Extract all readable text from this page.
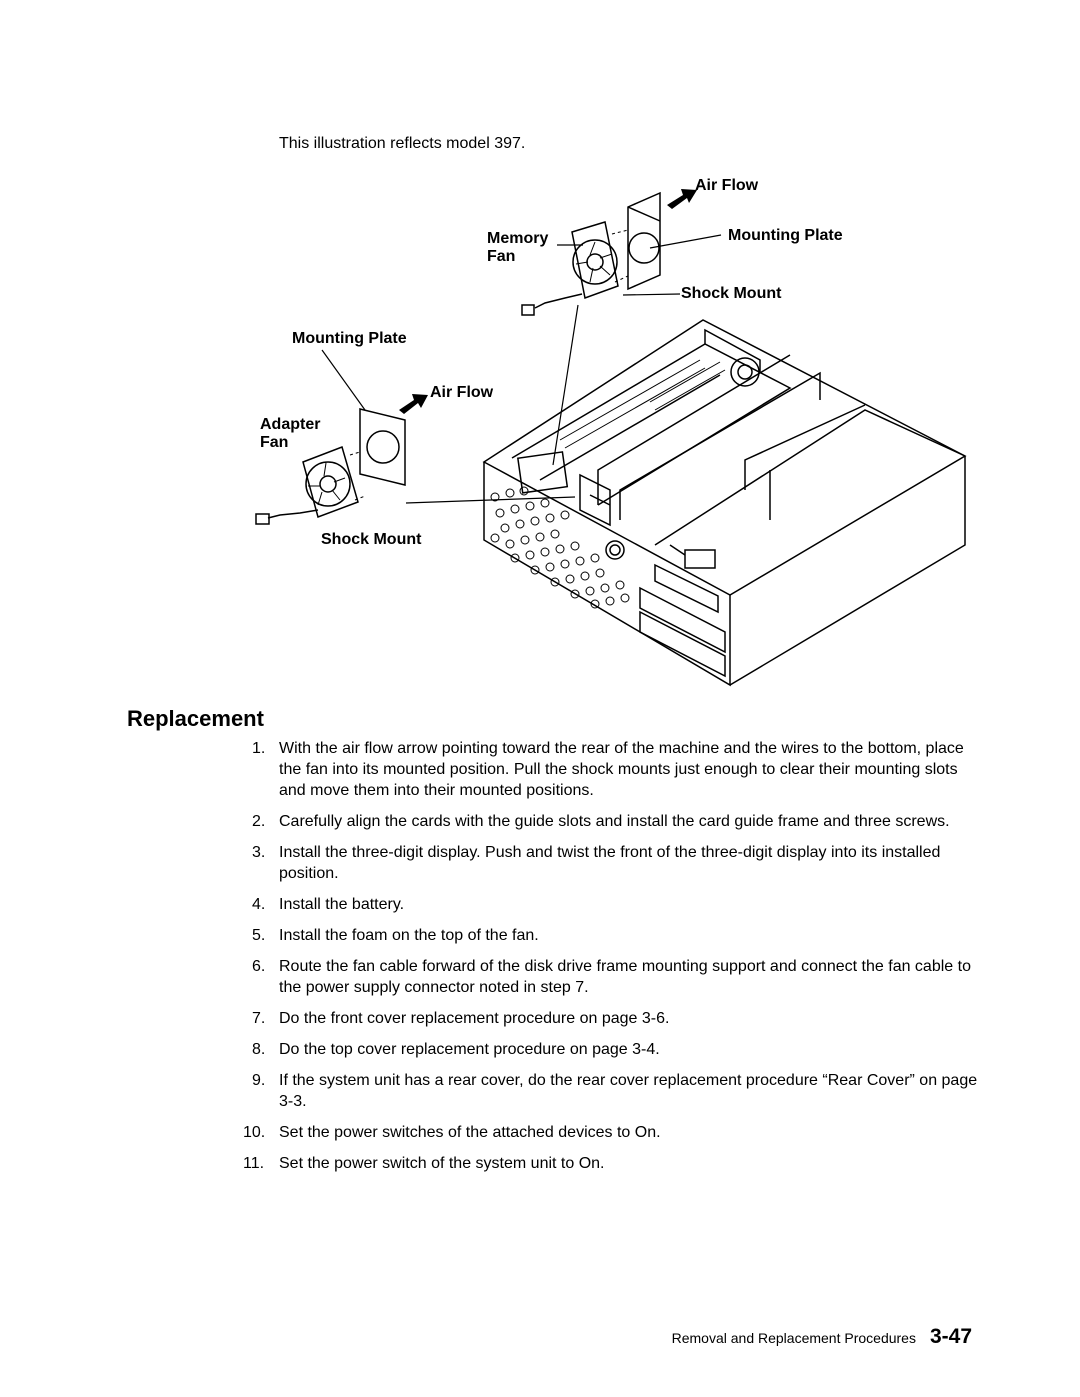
This illustration reflects model 397.
Air Flow
Memory
Fan
Mounting Plate
Shock Mount
Mounting Plate
Air Flow
Adapter
Fan
Shock Mount
Replacement
1. With the air flow arrow pointing toward the rear of the machine and the wires to the bottom, place the fan into its mounted position. Pull the shock mounts just enough to clear their mounting slots and move them into their mounted positions.
2. Carefully align the cards with the guide slots and install the card guide frame and three screws.
3. Install the three-digit display. Push and twist the front of the three-digit display into its installed position.
4. Install the battery.
5. Install the foam on the top of the fan.
6. Route the fan cable forward of the disk drive frame mounting support and connect the fan cable to the power supply connector noted in step 7.
7. Do the front cover replacement procedure on page 3-6.
8. Do the top cover replacement procedure on page 3-4.
9. If the system unit has a rear cover, do the rear cover replacement procedure “Rear Cover” on page 3-3.
10. Set the power switches of the attached devices to On.
11. Set the power switch of the system unit to On.
Removal and Replacement Procedures 3-47
